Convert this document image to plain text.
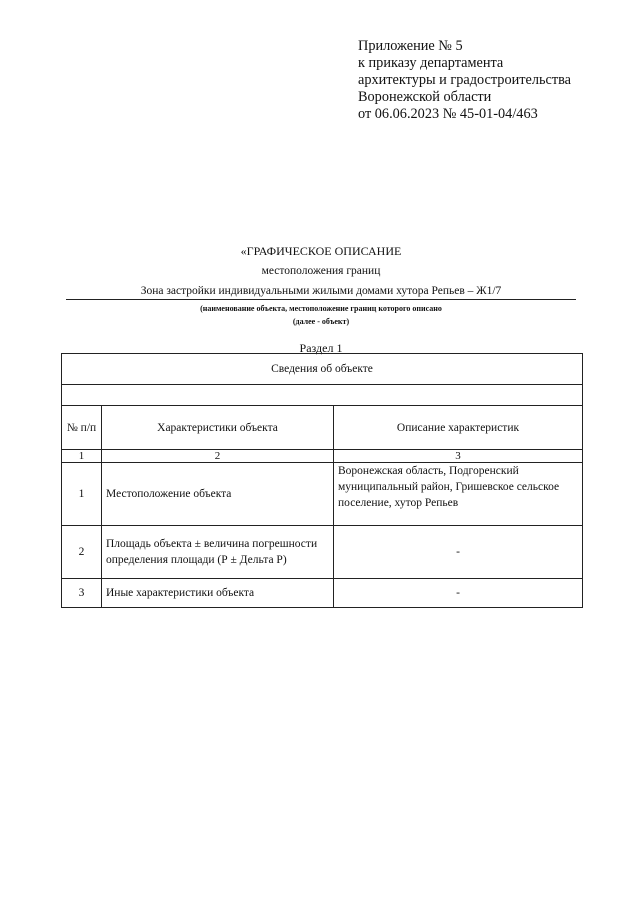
Приложение № 5
к приказу департамента
архитектуры и градостроительства
Воронежской области
от 06.06.2023 № 45-01-04/463
«ГРАФИЧЕСКОЕ ОПИСАНИЕ
местоположения границ
Зона застройки индивидуальными жилыми домами хутора Репьев – Ж1/7
(наименование объекта, местоположение границ которого описано
(далее - объект)
Раздел 1
Сведения об объекте		

№ п/п	Характеристики объекта	Описание характеристик
1	2	3
1	Местоположение объекта	Воронежская область, Подгоренский муниципальный район, Гришевское сельское поселение, хутор Репьев
2	Площадь объекта ± величина погрешности определения площади (Р ± Дельта Р)	-
3	Иные характеристики объекта	-
